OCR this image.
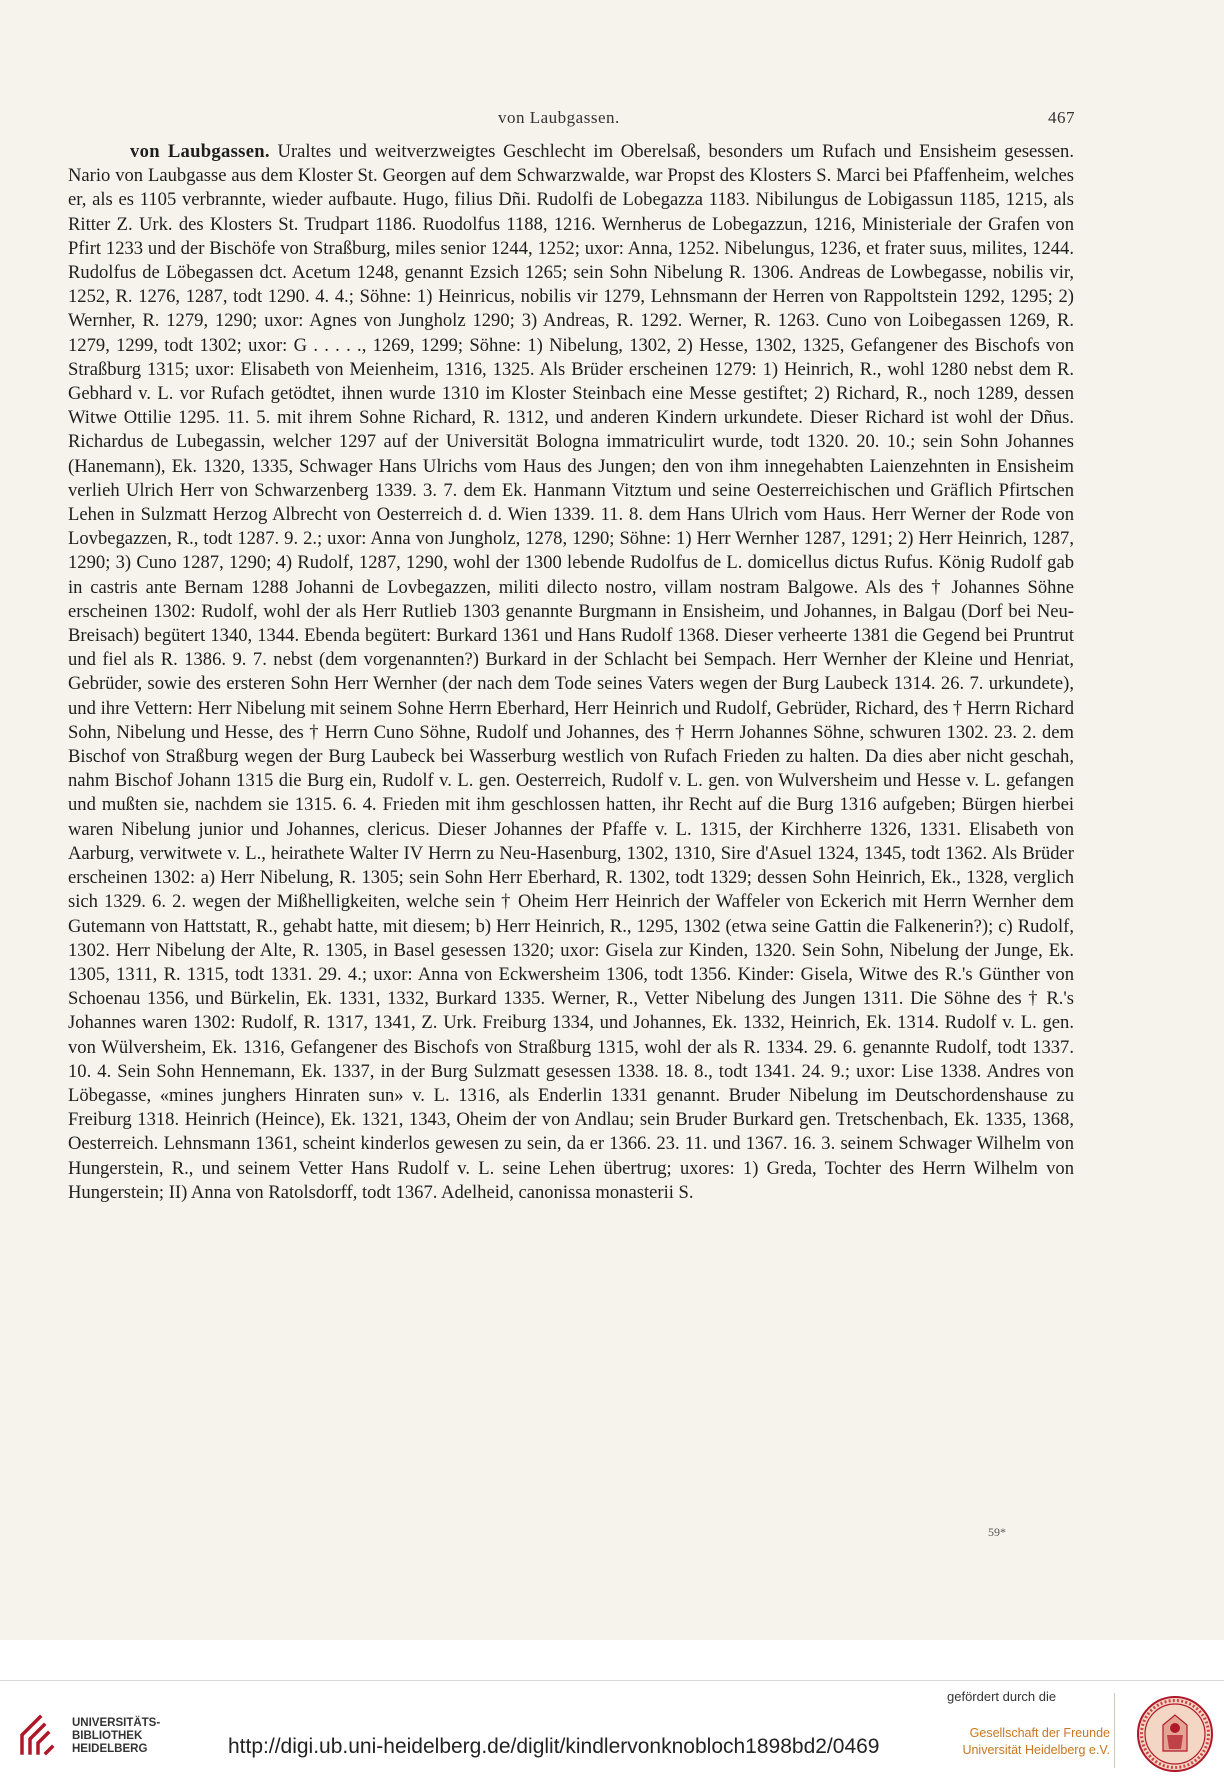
von Laubgassen.	467
von Laubgassen. Uraltes und weitverzweigtes Geschlecht im Oberelsaß, besonders um Rufach und Ensisheim gesessen. Nario von Laubgasse aus dem Kloster St. Georgen auf dem Schwarzwalde, war Propst des Klosters S. Marci bei Pfaffenheim, welches er, als es 1105 verbrannte, wieder aufbaute. Hugo, filius Dñi. Rudolfi de Lobegazza 1183. Nibilungus de Lobigassun 1185, 1215, als Ritter Z. Urk. des Klosters St. Trudpart 1186. Ruodolfus 1188, 1216. Wernherus de Lobegazzun, 1216, Ministeriale der Grafen von Pfirt 1233 und der Bischöfe von Straßburg, miles senior 1244, 1252; uxor: Anna, 1252. Nibelungus, 1236, et frater suus, milites, 1244. Rudolfus de Löbegassen dct. Acetum 1248, genannt Ezsich 1265; sein Sohn Nibelung R. 1306. Andreas de Lowbegasse, nobilis vir, 1252, R. 1276, 1287, todt 1290. 4. 4.; Söhne: 1) Heinricus, nobilis vir 1279, Lehnsmann der Herren von Rappoltstein 1292, 1295; 2) Wernher, R. 1279, 1290; uxor: Agnes von Jungholz 1290; 3) Andreas, R. 1292. Werner, R. 1263. Cuno von Loibegassen 1269, R. 1279, 1299, todt 1302; uxor: G . . . . ., 1269, 1299; Söhne: 1) Nibelung, 1302, 2) Hesse, 1302, 1325, Gefangener des Bischofs von Straßburg 1315; uxor: Elisabeth von Meienheim, 1316, 1325. Als Brüder erscheinen 1279: 1) Heinrich, R., wohl 1280 nebst dem R. Gebhard v. L. vor Rufach getödtet, ihnen wurde 1310 im Kloster Steinbach eine Messe gestiftet; 2) Richard, R., noch 1289, dessen Witwe Ottilie 1295. 11. 5. mit ihrem Sohne Richard, R. 1312, und anderen Kindern urkundete. Dieser Richard ist wohl der Dñus. Richardus de Lubegassin, welcher 1297 auf der Universität Bologna immatriculirt wurde, todt 1320. 20. 10.; sein Sohn Johannes (Hanemann), Ek. 1320, 1335, Schwager Hans Ulrichs vom Haus des Jungen; den von ihm innegehabten Laienzehnten in Ensisheim verlieh Ulrich Herr von Schwarzenberg 1339. 3. 7. dem Ek. Hanmann Vitztum und seine Oesterreichischen und Gräflich Pfirtschen Lehen in Sulzmatt Herzog Albrecht von Oesterreich d. d. Wien 1339. 11. 8. dem Hans Ulrich vom Haus. Herr Werner der Rode von Lovbegazzen, R., todt 1287. 9. 2.; uxor: Anna von Jungholz, 1278, 1290; Söhne: 1) Herr Wernher 1287, 1291; 2) Herr Heinrich, 1287, 1290; 3) Cuno 1287, 1290; 4) Rudolf, 1287, 1290, wohl der 1300 lebende Rudolfus de L. domicellus dictus Rufus. König Rudolf gab in castris ante Bernam 1288 Johanni de Lovbegazzen, militi dilecto nostro, villam nostram Balgowe. Als des † Johannes Söhne erscheinen 1302: Rudolf, wohl der als Herr Rutlieb 1303 genannte Burgmann in Ensisheim, und Johannes, in Balgau (Dorf bei Neu-Breisach) begütert 1340, 1344. Ebenda begütert: Burkard 1361 und Hans Rudolf 1368. Dieser verheerte 1381 die Gegend bei Pruntrut und fiel als R. 1386. 9. 7. nebst (dem vorgenannten?) Burkard in der Schlacht bei Sempach. Herr Wernher der Kleine und Henriat, Gebrüder, sowie des ersteren Sohn Herr Wernher (der nach dem Tode seines Vaters wegen der Burg Laubeck 1314. 26. 7. urkundete), und ihre Vettern: Herr Nibelung mit seinem Sohne Herrn Eberhard, Herr Heinrich und Rudolf, Gebrüder, Richard, des † Herrn Richard Sohn, Nibelung und Hesse, des † Herrn Cuno Söhne, Rudolf und Johannes, des † Herrn Johannes Söhne, schwuren 1302. 23. 2. dem Bischof von Straßburg wegen der Burg Laubeck bei Wasserburg westlich von Rufach Frieden zu halten. Da dies aber nicht geschah, nahm Bischof Johann 1315 die Burg ein, Rudolf v. L. gen. Oesterreich, Rudolf v. L. gen. von Wulversheim und Hesse v. L. gefangen und mußten sie, nachdem sie 1315. 6. 4. Frieden mit ihm geschlossen hatten, ihr Recht auf die Burg 1316 aufgeben; Bürgen hierbei waren Nibelung junior und Johannes, clericus. Dieser Johannes der Pfaffe v. L. 1315, der Kirchherre 1326, 1331. Elisabeth von Aarburg, verwitwete v. L., heirathete Walter IV Herrn zu Neu-Hasenburg, 1302, 1310, Sire d'Asuel 1324, 1345, todt 1362. Als Brüder erscheinen 1302: a) Herr Nibelung, R. 1305; sein Sohn Herr Eberhard, R. 1302, todt 1329; dessen Sohn Heinrich, Ek., 1328, verglich sich 1329. 6. 2. wegen der Mißhelligkeiten, welche sein † Oheim Herr Heinrich der Waffeler von Eckerich mit Herrn Wernher dem Gutemann von Hattstatt, R., gehabt hatte, mit diesem; b) Herr Heinrich, R., 1295, 1302 (etwa seine Gattin die Falkenerin?); c) Rudolf, 1302. Herr Nibelung der Alte, R. 1305, in Basel gesessen 1320; uxor: Gisela zur Kinden, 1320. Sein Sohn, Nibelung der Junge, Ek. 1305, 1311, R. 1315, todt 1331. 29. 4.; uxor: Anna von Eckwersheim 1306, todt 1356. Kinder: Gisela, Witwe des R.'s Günther von Schoenau 1356, und Bürkelin, Ek. 1331, 1332, Burkard 1335. Werner, R., Vetter Nibelung des Jungen 1311. Die Söhne des † R.'s Johannes waren 1302: Rudolf, R. 1317, 1341, Z. Urk. Freiburg 1334, und Johannes, Ek. 1332, Heinrich, Ek. 1314. Rudolf v. L. gen. von Wülversheim, Ek. 1316, Gefangener des Bischofs von Straßburg 1315, wohl der als R. 1334. 29. 6. genannte Rudolf, todt 1337. 10. 4. Sein Sohn Hennemann, Ek. 1337, in der Burg Sulzmatt gesessen 1338. 18. 8., todt 1341. 24. 9.; uxor: Lise 1338. Andres von Löbegasse, «mines junghers Hinraten sun» v. L. 1316, als Enderlin 1331 genannt. Bruder Nibelung im Deutschordenshause zu Freiburg 1318. Heinrich (Heince), Ek. 1321, 1343, Oheim der von Andlau; sein Bruder Burkard gen. Tretschenbach, Ek. 1335, 1368, Oesterreich. Lehnsmann 1361, scheint kinderlos gewesen zu sein, da er 1366. 23. 11. und 1367. 16. 3. seinem Schwager Wilhelm von Hungerstein, R., und seinem Vetter Hans Rudolf v. L. seine Lehen übertrug; uxores: 1) Greda, Tochter des Herrn Wilhelm von Hungerstein; II) Anna von Ratolsdorff, todt 1367. Adelheid, canonissa monasterii S.
59*
UNIVERSITÄTS-
BIBLIOTHEK
HEIDELBERG	http://digi.ub.uni-heidelberg.de/diglit/kindlervonknobloch1898bd2/0469
gefördert durch die
Gesellschaft der Freunde
Universität Heidelberg e.V.
